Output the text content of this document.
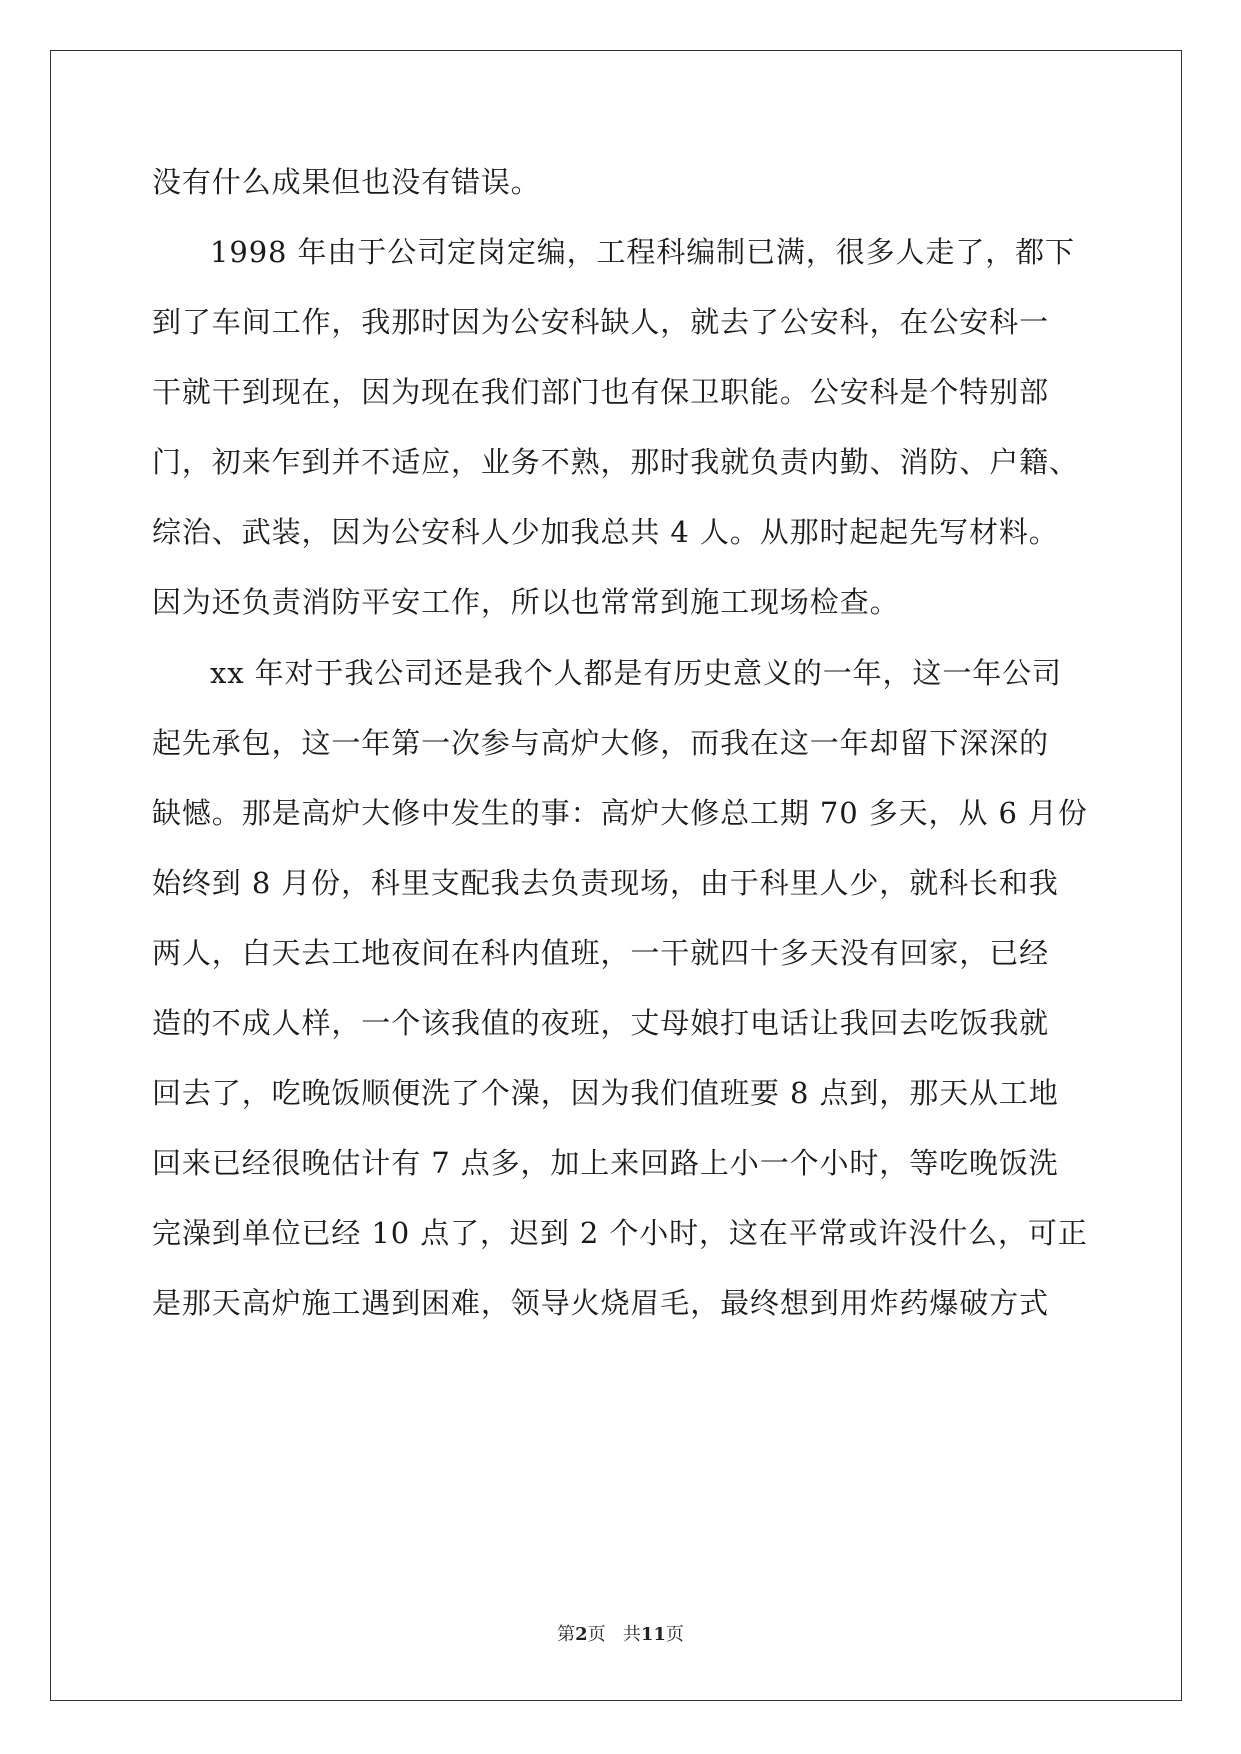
没有什么成果但也没有错误。
1998 年由于公司定岗定编，工程科编制已满，很多人走了，都下
到了车间工作，我那时因为公安科缺人，就去了公安科，在公安科一
干就干到现在，因为现在我们部门也有保卫职能。公安科是个特别部
门，初来乍到并不适应，业务不熟，那时我就负责内勤、消防、户籍、
综治、武装，因为公安科人少加我总共 4 人。从那时起起先写材料。
因为还负责消防平安工作，所以也常常到施工现场检查。
xx 年对于我公司还是我个人都是有历史意义的一年，这一年公司
起先承包，这一年第一次参与高炉大修，而我在这一年却留下深深的
缺憾。那是高炉大修中发生的事：高炉大修总工期 70 多天，从 6 月份
始终到 8 月份，科里支配我去负责现场，由于科里人少，就科长和我
两人，白天去工地夜间在科内值班，一干就四十多天没有回家，已经
造的不成人样，一个该我值的夜班，丈母娘打电话让我回去吃饭我就
回去了，吃晚饭顺便洗了个澡，因为我们值班要 8 点到，那天从工地
回来已经很晚估计有 7 点多，加上来回路上小一个小时，等吃晚饭洗
完澡到单位已经 10 点了，迟到 2 个小时，这在平常或许没什么，可正
是那天高炉施工遇到困难，领导火烧眉毛，最终想到用炸药爆破方式
第2页 共11页
